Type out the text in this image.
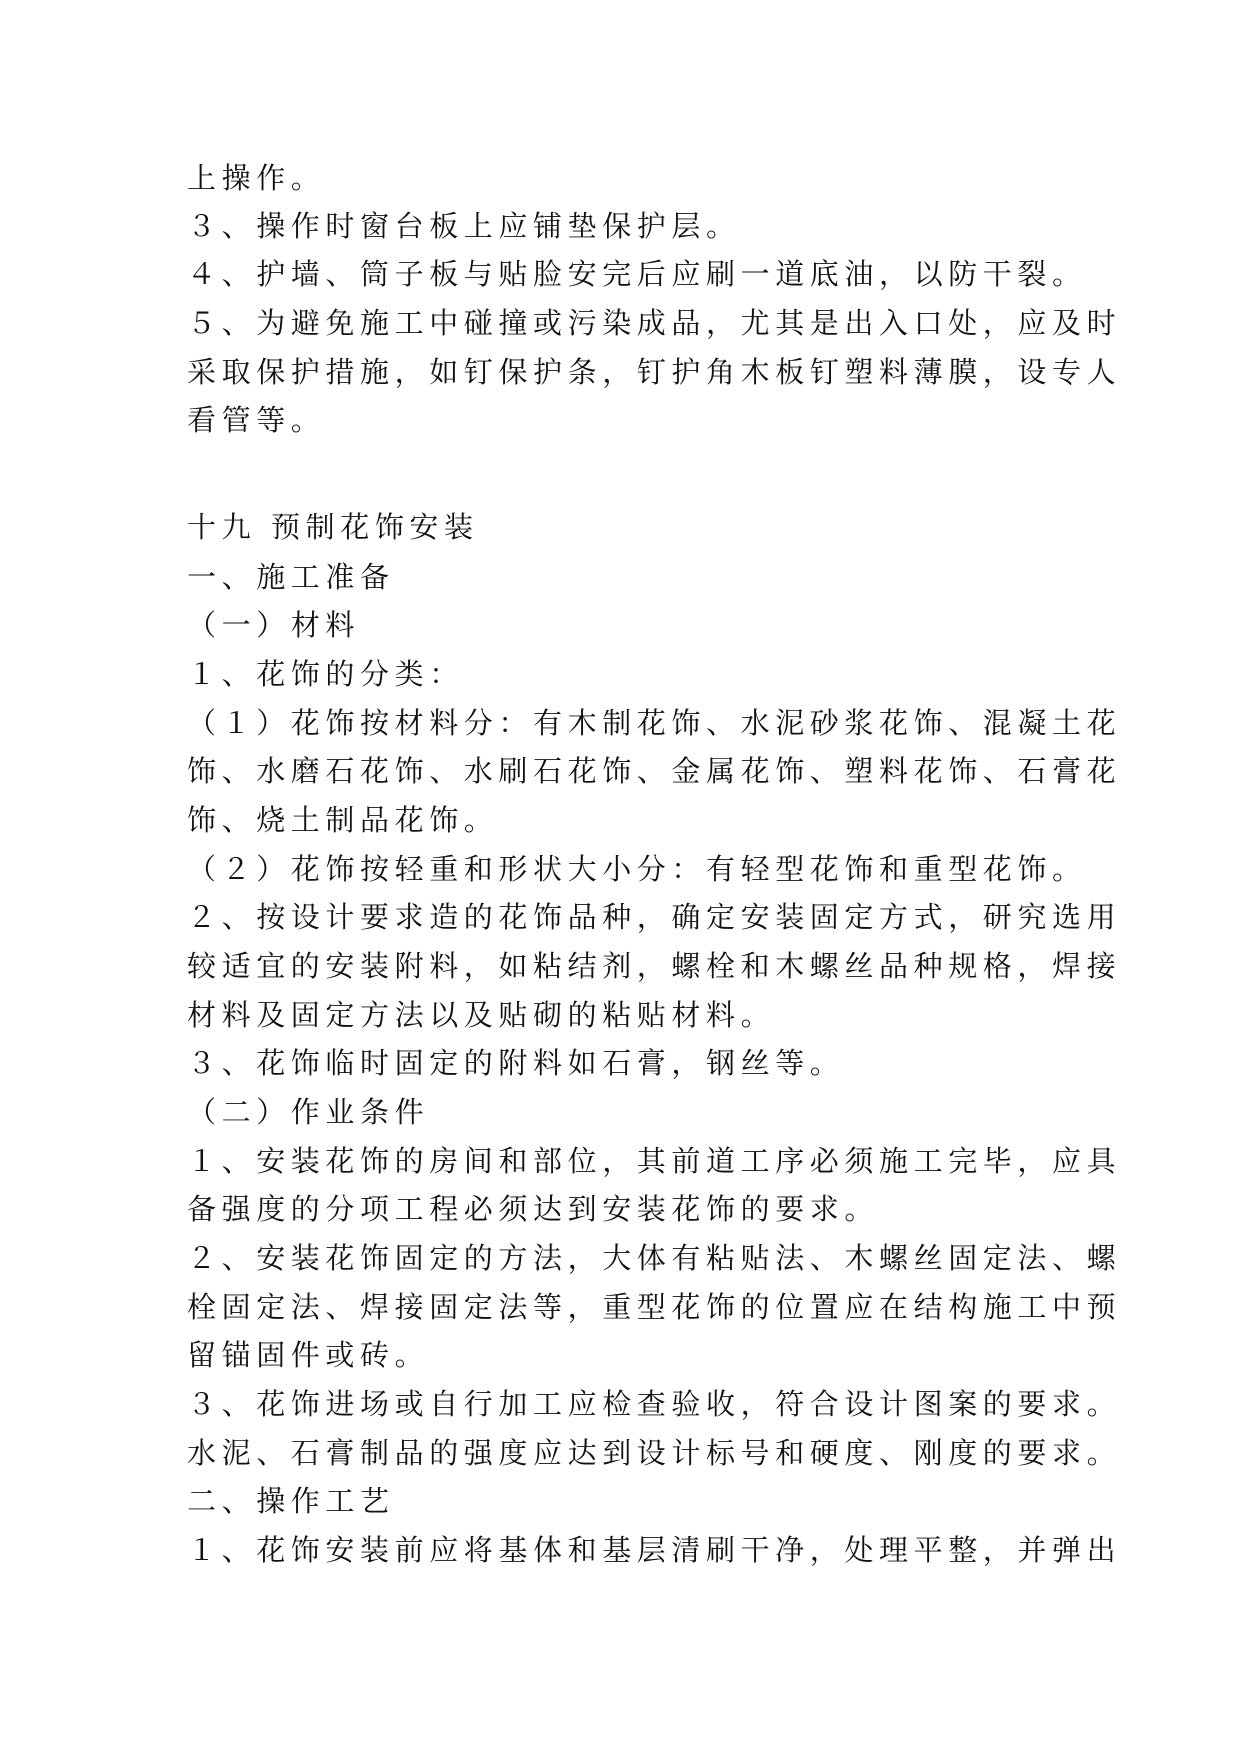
上操作。
３、操作时窗台板上应铺垫保护层。
４、护墙、筒子板与贴脸安完后应刷一道底油，以防干裂。
５、为避免施工中碰撞或污染成品，尤其是出入口处，应及时
采取保护措施，如钉保护条，钉护角木板钉塑料薄膜，设专人
看管等。
十九 预制花饰安装
一、施工准备
（一）材料
１、花饰的分类：
（１）花饰按材料分：有木制花饰、水泥砂浆花饰、混凝土花
饰、水磨石花饰、水刷石花饰、金属花饰、塑料花饰、石膏花
饰、烧土制品花饰。
（２）花饰按轻重和形状大小分：有轻型花饰和重型花饰。
２、按设计要求造的花饰品种，确定安装固定方式，研究选用
较适宜的安装附料，如粘结剂，螺栓和木螺丝品种规格，焊接
材料及固定方法以及贴砌的粘贴材料。
３、花饰临时固定的附料如石膏，钢丝等。
（二）作业条件
１、安装花饰的房间和部位，其前道工序必须施工完毕，应具
备强度的分项工程必须达到安装花饰的要求。
２、安装花饰固定的方法，大体有粘贴法、木螺丝固定法、螺
栓固定法、焊接固定法等，重型花饰的位置应在结构施工中预
留锚固件或砖。
３、花饰进场或自行加工应检查验收，符合设计图案的要求。
水泥、石膏制品的强度应达到设计标号和硬度、刚度的要求。
二、操作工艺
１、花饰安装前应将基体和基层清刷干净，处理平整，并弹出
